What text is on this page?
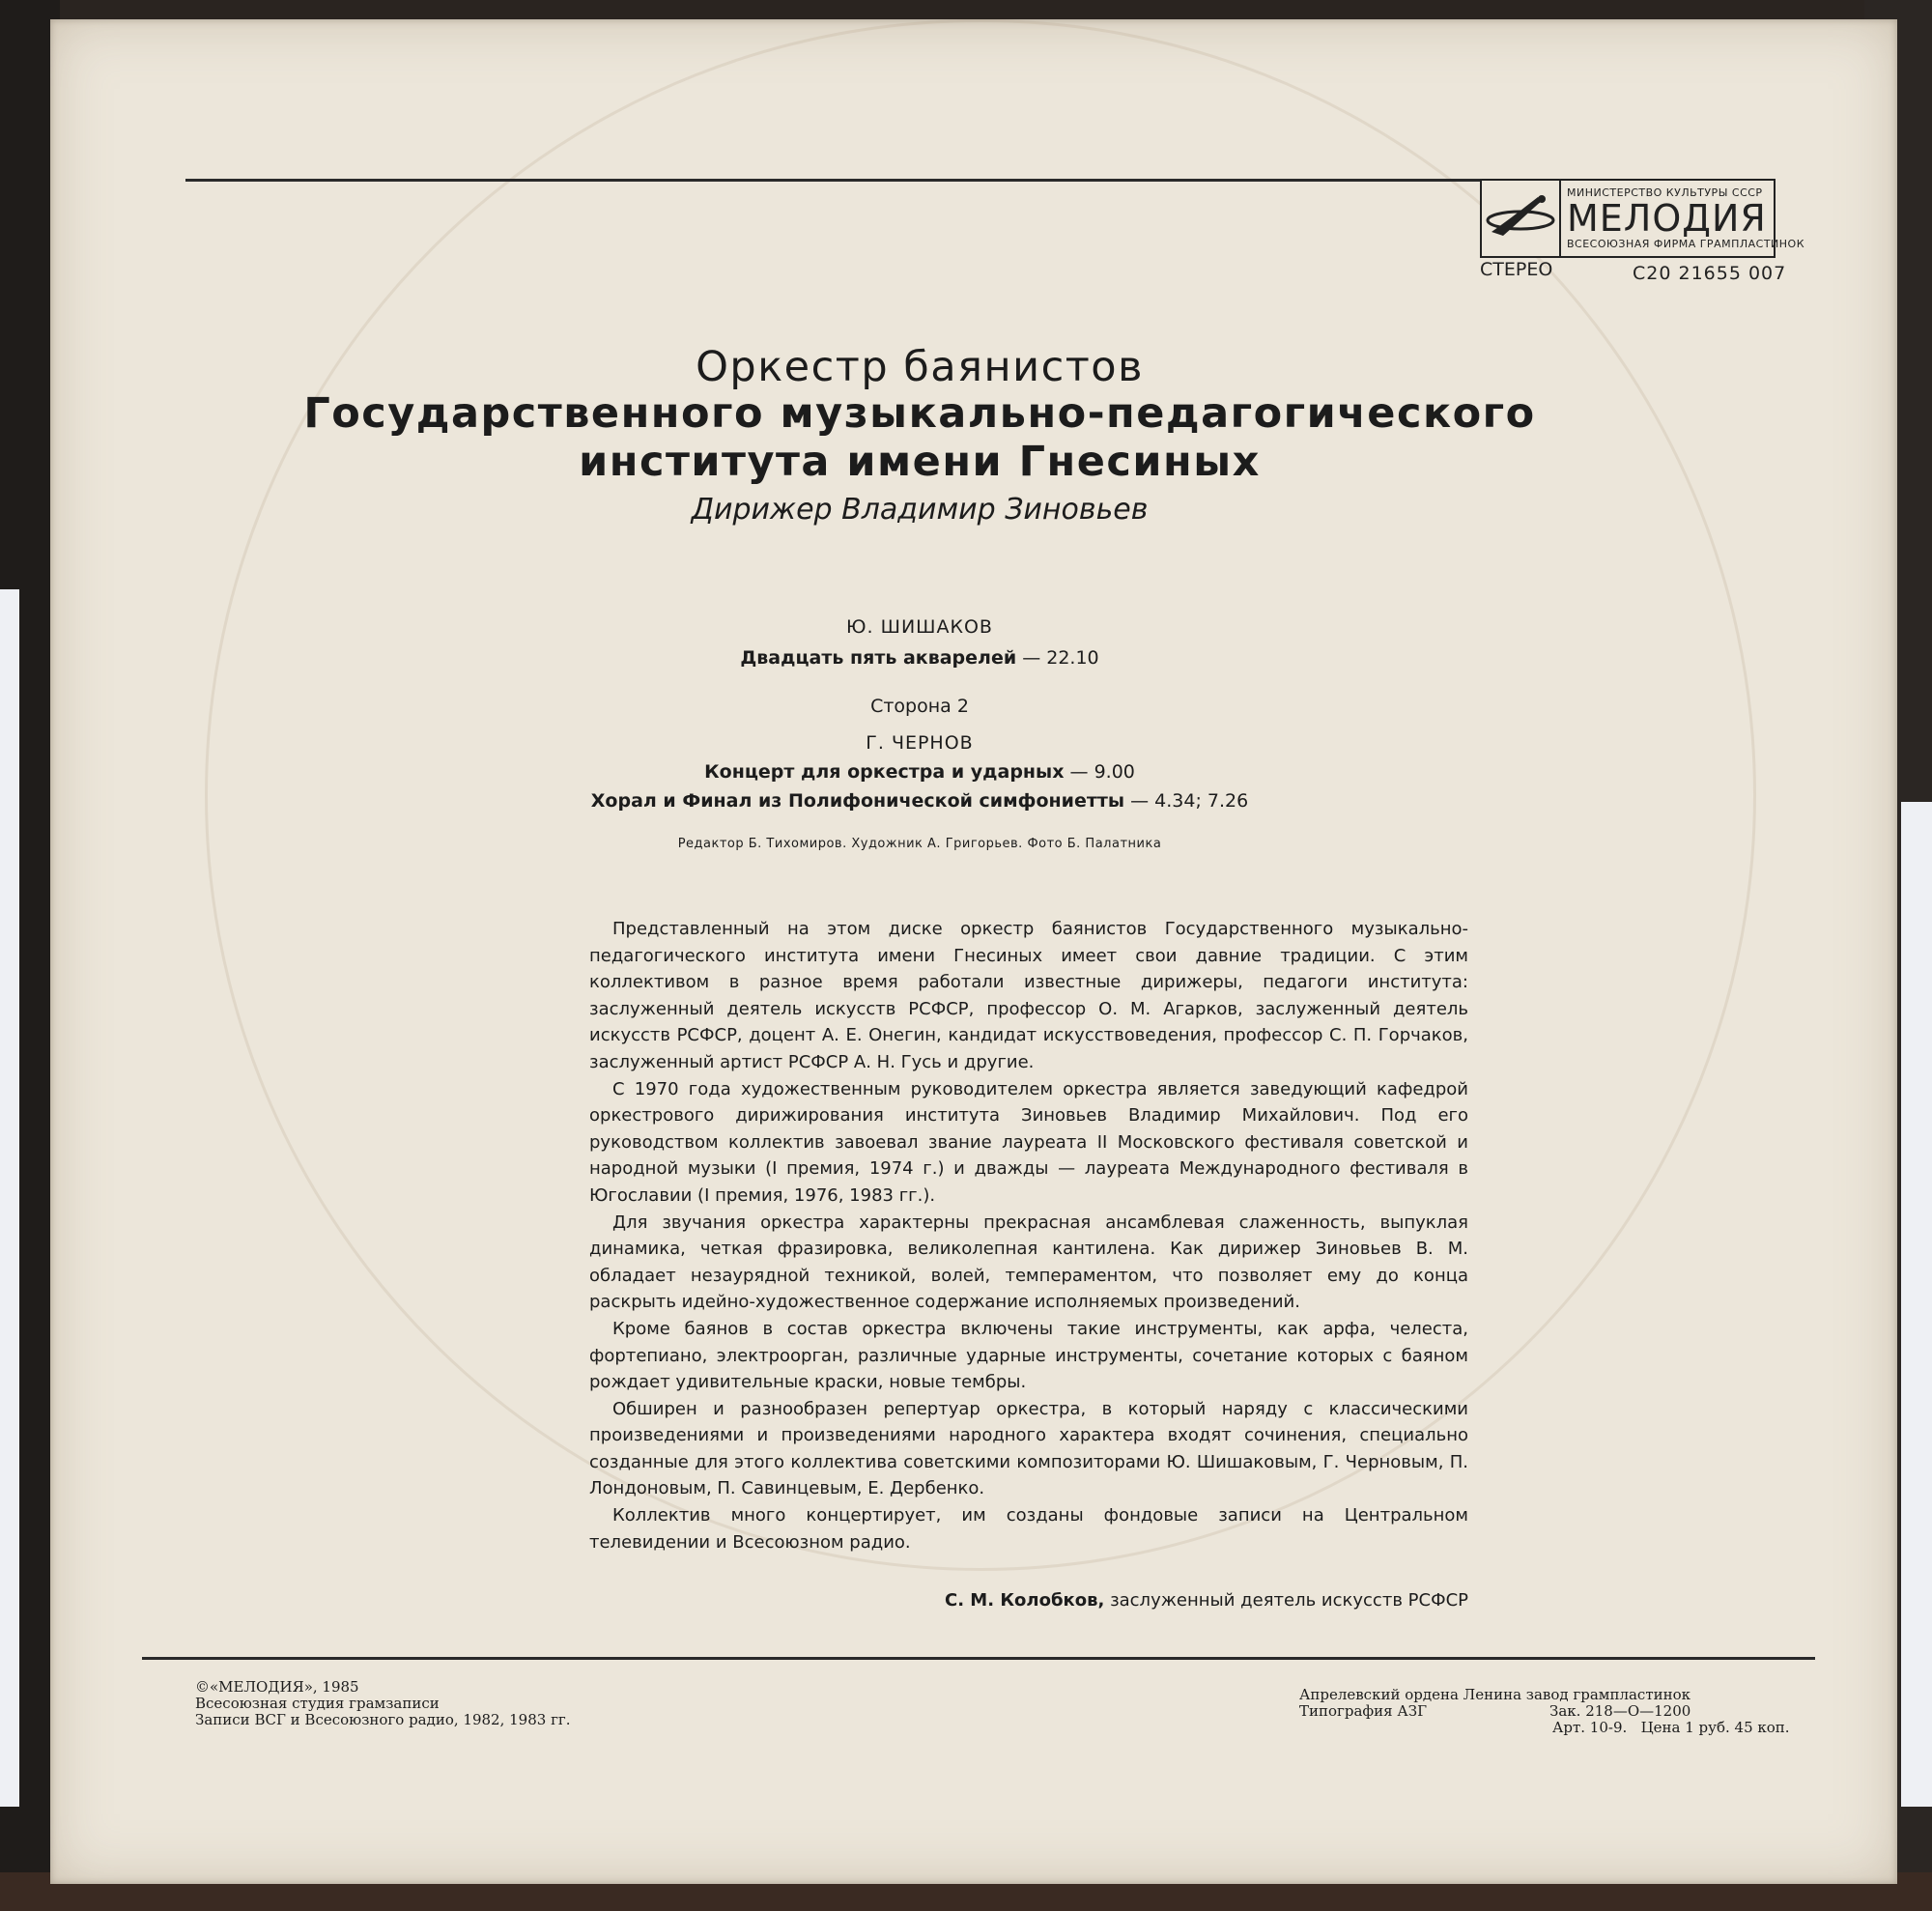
МИНИСТЕРСТВО КУЛЬТУРЫ СССР
МЕЛОДИЯ
ВСЕСОЮЗНАЯ ФИРМА ГРАМПЛАСТИНОК
СТЕРЕО	С20 21655 007
Оркестр баянистов
Государственного музыкально-педагогического
института имени Гнесиных
Дирижер Владимир Зиновьев
Ю. ШИШАКОВ
Двадцать пять акварелей — 22.10
Сторона 2
Г. ЧЕРНОВ
Концерт для оркестра и ударных — 9.00
Хорал и Финал из Полифонической симфониетты — 4.34; 7.26
Редактор Б. Тихомиров. Художник А. Григорьев. Фото Б. Палатника

Представленный на этом диске оркестр баянистов Государственного музыкально-педагогического института имени Гнесиных имеет свои давние традиции. С этим коллективом в разное время работали известные дирижеры, педагоги института: заслуженный деятель искусств РСФСР, профессор О. М. Агарков, заслуженный деятель искусств РСФСР, доцент А. Е. Онегин, кандидат искусствоведения, профессор С. П. Горчаков, заслуженный артист РСФСР А. Н. Гусь и другие.

С 1970 года художественным руководителем оркестра является заведующий кафедрой оркестрового дирижирования института Зиновьев Владимир Михайлович. Под его руководством коллектив завоевал звание лауреата II Московского фестиваля советской и народной музыки (I премия, 1974 г.) и дважды — лауреата Международного фестиваля в Югославии (I премия, 1976, 1983 гг.).

Для звучания оркестра характерны прекрасная ансамблевая слаженность, выпуклая динамика, четкая фразировка, великолепная кантилена. Как дирижер Зиновьев В. М. обладает незаурядной техникой, волей, темпераментом, что позволяет ему до конца раскрыть идейно-художественное содержание исполняемых произведений.

Кроме баянов в состав оркестра включены такие инструменты, как арфа, челеста, фортепиано, электроорган, различные ударные инструменты, сочетание которых с баяном рождает удивительные краски, новые тембры.

Обширен и разнообразен репертуар оркестра, в который наряду с классическими произведениями и произведениями народного характера входят сочинения, специально созданные для этого коллектива советскими композиторами Ю. Шишаковым, Г. Черновым, П. Лондоновым, П. Савинцевым, Е. Дербенко.

Коллектив много концертирует, им созданы фондовые записи на Центральном телевидении и Всесоюзном радио.

С. М. Колобков, заслуженный деятель искусств РСФСР
©«МЕЛОДИЯ», 1985
Всесоюзная студия грамзаписи
Записи ВСГ и Всесоюзного радио, 1982, 1983 гг.
Апрелевский ордена Ленина завод грампластинок
Типография АЗГ	Зак. 218—О—1200
Арт. 10-9.   Цена 1 руб. 45 коп.
